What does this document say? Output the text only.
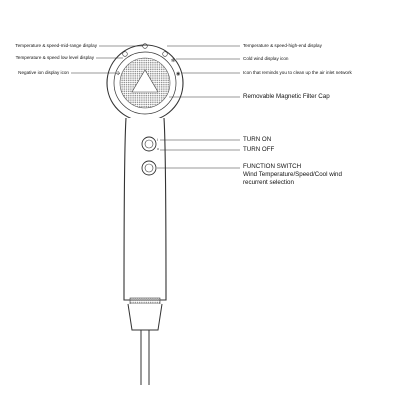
✣
✻
◉
I
o
Temperature & speed-mid-range display
Temperature & speed low level display
Negative ion display icon
Temperature & speed-high-end display
Cold wind display icon
Icon that reminds you to clean up the air inlet network
Removable Magnetic Filter Cap
TURN ON
TURN OFF
FUNCTION SWITCH
Wind Temperature/Speed/Cool wind
recurrent selection
